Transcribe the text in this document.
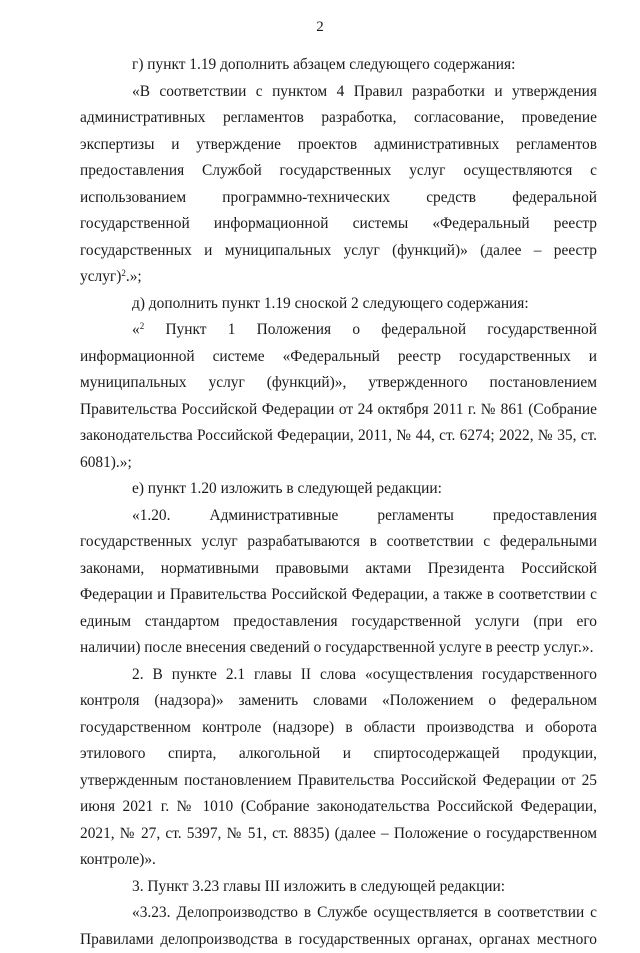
2

г) пункт 1.19 дополнить абзацем следующего содержания:

«В соответствии с пунктом 4 Правил разработки и утверждения административных регламентов разработка, согласование, проведение экспертизы и утверждение проектов административных регламентов предоставления Службой государственных услуг осуществляются с использованием программно-технических средств федеральной государственной информационной системы «Федеральный реестр государственных и муниципальных услуг (функций)» (далее – реестр услуг)$^2$.»;

д) дополнить пункт 1.19 сноской 2 следующего содержания:

«$^2$ Пункт 1 Положения о федеральной государственной информационной системе «Федеральный реестр государственных и муниципальных услуг (функций)», утвержденного постановлением Правительства Российской Федерации от 24 октября 2011 г. № 861 (Собрание законодательства Российской Федерации, 2011, № 44, ст. 6274; 2022, № 35, ст. 6081).»;

е) пункт 1.20 изложить в следующей редакции:

«1.20. Административные регламенты предоставления государственных услуг разрабатываются в соответствии с федеральными законами, нормативными правовыми актами Президента Российской Федерации и Правительства Российской Федерации, а также в соответствии с единым стандартом предоставления государственной услуги (при его наличии) после внесения сведений о государственной услуге в реестр услуг.».

2. В пункте 2.1 главы II слова «осуществления государственного контроля (надзора)» заменить словами «Положением о федеральном государственном контроле (надзоре) в области производства и оборота этилового спирта, алкогольной и спиртосодержащей продукции, утвержденным постановлением Правительства Российской Федерации от 25 июня 2021 г. № 1010 (Собрание законодательства Российской Федерации, 2021, № 27, ст. 5397, № 51, ст. 8835) (далее – Положение о государственном контроле)».

3. Пункт 3.23 главы III изложить в следующей редакции:

«3.23. Делопроизводство в Службе осуществляется в соответствии с Правилами делопроизводства в государственных органах, органах местного
